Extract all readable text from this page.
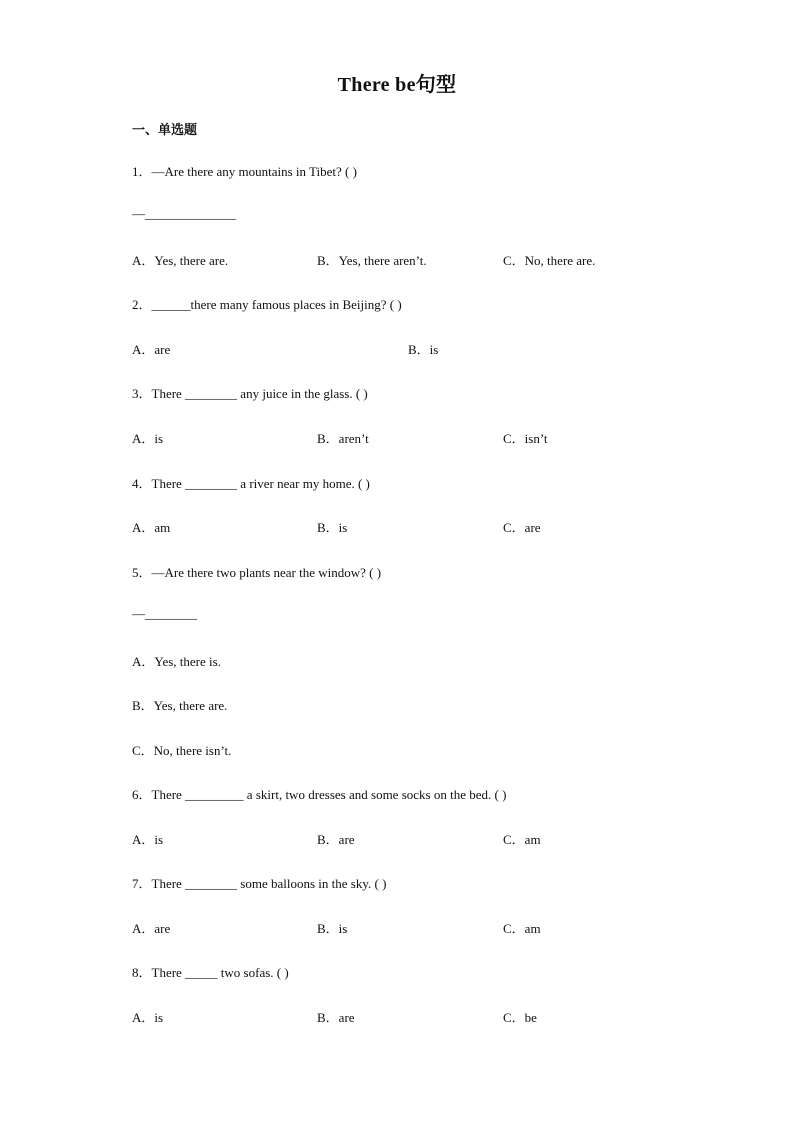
There be句型
一、单选题
1．—Are there any mountains in Tibet? ( )
—______________
A．Yes, there are.	B．Yes, there aren’t.	C．No, there are.
2．______there many famous places in Beijing? ( )
A．are	B．is
3．There ________ any juice in the glass. ( )
A．is	B．aren’t	C．isn’t
4．There ________ a river near my home. ( )
A．am	B．is	C．are
5．—Are there two plants near the window? ( )
—________
A．Yes, there is.
B．Yes, there are.
C．No, there isn’t.
6．There _________ a skirt, two dresses and some socks on the bed. ( )
A．is	B．are	C．am
7．There ________ some balloons in the sky. ( )
A．are	B．is	C．am
8．There _____ two sofas. ( )
A．is	B．are	C．be
